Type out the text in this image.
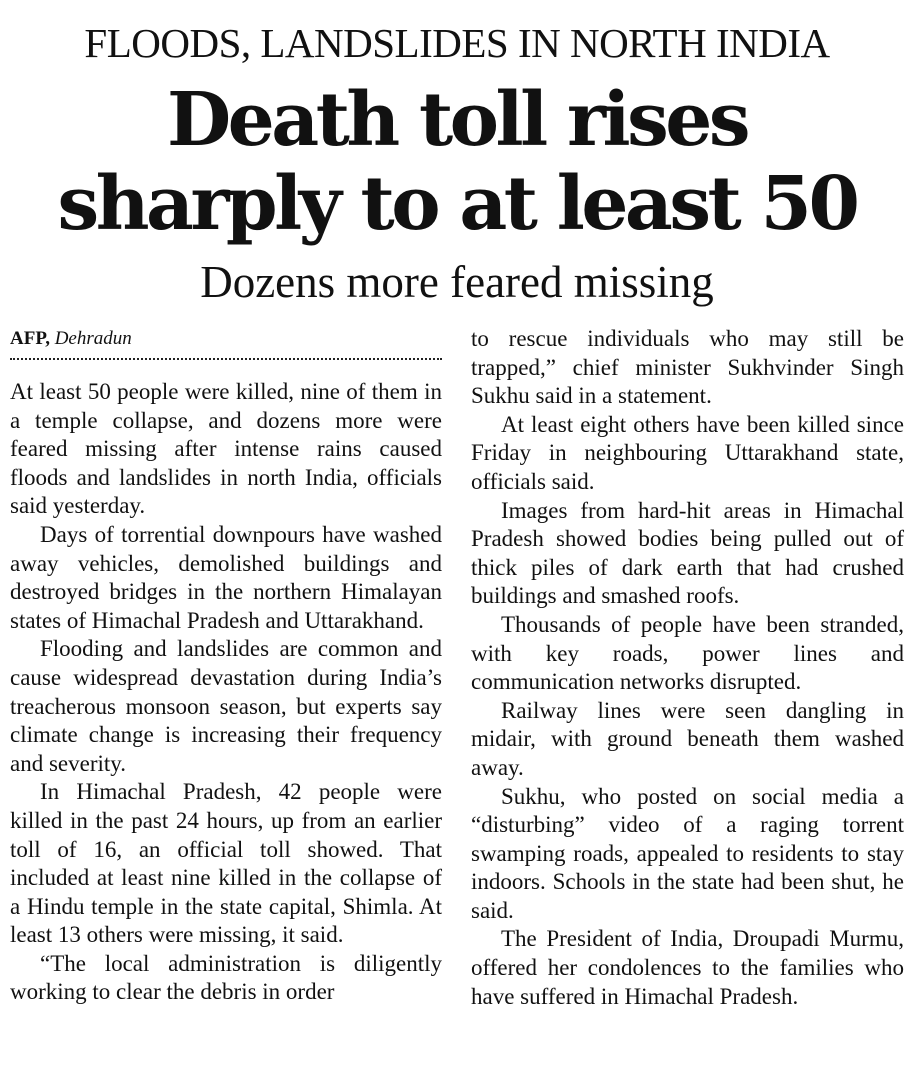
FLOODS, LANDSLIDES IN NORTH INDIA
Death toll rises
sharply to at least 50
Dozens more feared missing
AFP, Dehradun

At least 50 people were killed, nine of them in a temple collapse, and dozens more were feared missing after intense rains caused floods and landslides in north India, officials said yesterday.

Days of torrential downpours have washed away vehicles, demolished buildings and destroyed bridges in the northern Himalayan states of Himachal Pradesh and Uttarakhand.

Flooding and landslides are common and cause widespread devastation during India’s treacherous monsoon season, but experts say climate change is increasing their frequency and severity.

In Himachal Pradesh, 42 people were killed in the past 24 hours, up from an earlier toll of 16, an official toll showed. That included at least nine killed in the collapse of a Hindu temple in the state capital, Shimla. At least 13 others were missing, it said.

“The local administration is diligently working to clear the debris in order

to rescue individuals who may still be trapped,” chief minister Sukhvinder Singh Sukhu said in a statement.

At least eight others have been killed since Friday in neighbouring Uttarakhand state, officials said.

Images from hard-hit areas in Himachal Pradesh showed bodies being pulled out of thick piles of dark earth that had crushed buildings and smashed roofs.

Thousands of people have been stranded, with key roads, power lines and communication networks disrupted.

Railway lines were seen dangling in midair, with ground beneath them washed away.

Sukhu, who posted on social media a “disturbing” video of a raging torrent swamping roads, appealed to residents to stay indoors. Schools in the state had been shut, he said.

The President of India, Droupadi Murmu, offered her condolences to the families who have suffered in Himachal Pradesh.
